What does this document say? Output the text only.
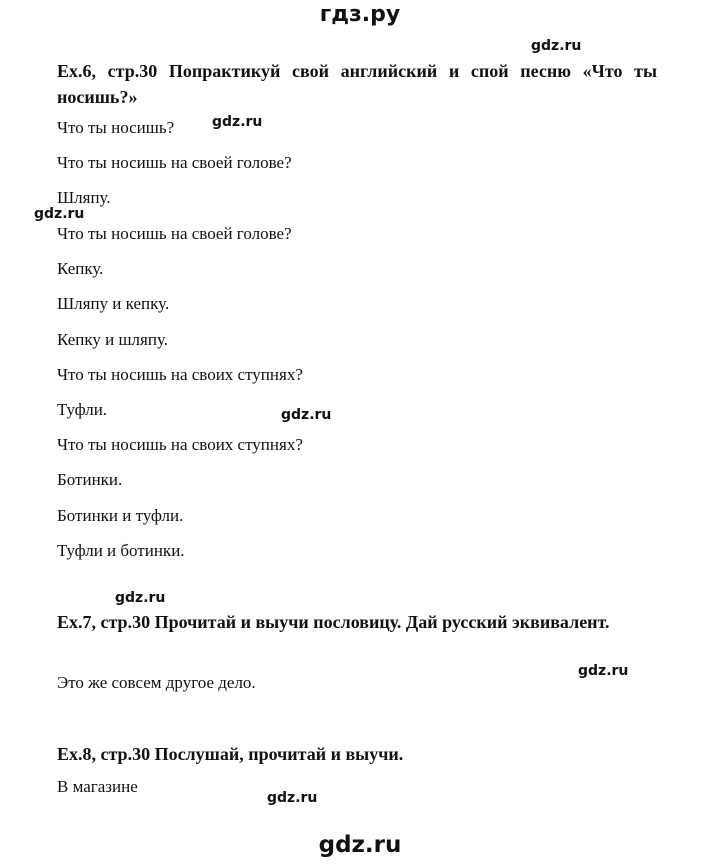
гдз.ру
gdz.ru
gdz.ru
gdz.ru
gdz.ru
gdz.ru
gdz.ru
gdz.ru
Ex.6, стр.30 Попрактикуй свой английский и спой песню «Что ты носишь?»
Что ты носишь?
Что ты носишь на своей голове?
Шляпу.
Что ты носишь на своей голове?
Кепку.
Шляпу и кепку.
Кепку и шляпу.
Что ты носишь на своих ступнях?
Туфли.
Что ты носишь на своих ступнях?
Ботинки.
Ботинки и туфли.
Туфли и ботинки.
Ex.7, стр.30 Прочитай и выучи пословицу. Дай русский эквивалент.
Это же совсем другое дело.
Ex.8, стр.30 Послушай, прочитай и выучи.
В магазине
gdz.ru
